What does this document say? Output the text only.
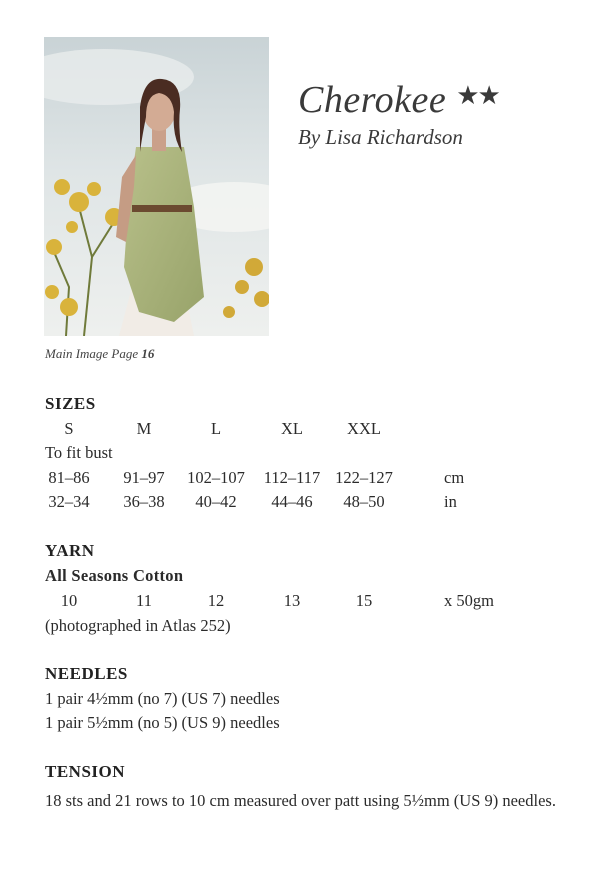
Main Image Page 16
Cherokee ★★
By Lisa Richardson
SIZES
S	M	L	XL	XXL
To fit bust
81–86 91–97 102–107 112–117 122–127	cm
32–34 36–38 40–42 44–46 48–50	in
YARN
All Seasons Cotton
10	11	12	13	15	x 50gm
(photographed in Atlas 252)
NEEDLES
1 pair 4½mm (no 7) (US 7) needles
1 pair 5½mm (no 5) (US 9) needles
TENSION
18 sts and 21 rows to 10 cm measured over patt using 5½mm (US 9) needles.
